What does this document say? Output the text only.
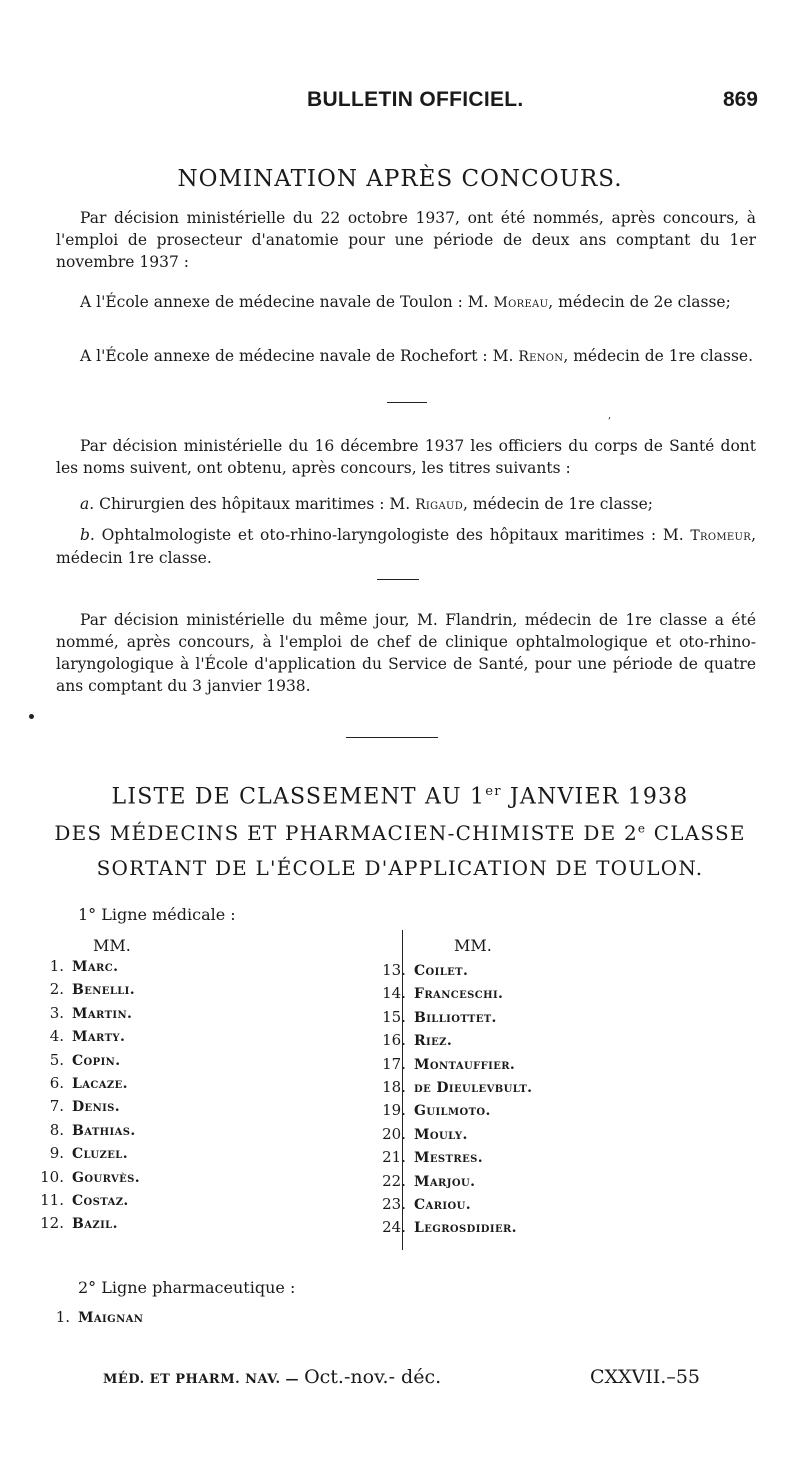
BULLETIN OFFICIEL.	869
NOMINATION APRÈS CONCOURS.

Par décision ministérielle du 22 octobre 1937, ont été nommés, après concours, à l'emploi de prosecteur d'anatomie pour une période de deux ans comptant du 1er novembre 1937 :

A l'École annexe de médecine navale de Toulon : M. Moreau, médecin de 2e classe;

A l'École annexe de médecine navale de Rochefort : M. Renon, médecin de 1re classe.

,

Par décision ministérielle du 16 décembre 1937 les officiers du corps de Santé dont les noms suivent, ont obtenu, après concours, les titres suivants :

a. Chirurgien des hôpitaux maritimes : M. Rigaud, médecin de 1re classe;

b. Ophtalmologiste et oto-rhino-laryngologiste des hôpitaux maritimes : M. Tromeur, médecin 1re classe.

Par décision ministérielle du même jour, M. Flandrin, médecin de 1re classe a été nommé, après concours, à l'emploi de chef de clinique ophtalmologique et oto-rhino-laryngologique à l'École d'application du Service de Santé, pour une période de quatre ans comptant du 3 janvier 1938.

LISTE DE CLASSEMENT AU 1er JANVIER 1938
DES MÉDECINS ET PHARMACIEN-CHIMISTE DE 2e CLASSE
SORTANT DE L'ÉCOLE D'APPLICATION DE TOULON.
1° Ligne médicale :
MM.	MM.
1. Marc.
2. Benelli.
3. Martin.
4. Marty.
5. Copin.
6. Lacaze.
7. Denis.
8. Bathias.
9. Cluzel.
10. Gourvès.
11. Costaz.
12. Bazil.
13. Coilet.
14. Franceschi.
15. Billiottet.
16. Riez.
17. Montauffier.
18. de Dieulevbult.
19. Guilmoto.
20. Mouly.
21. Mestres.
22. Marjou.
23. Cariou.
24. Legrosdidier.
2° Ligne pharmaceutique :
1. Maignan
MÉD. ET PHARM. NAV. — Oct.-nov.- déc.	CXXVII.–55
